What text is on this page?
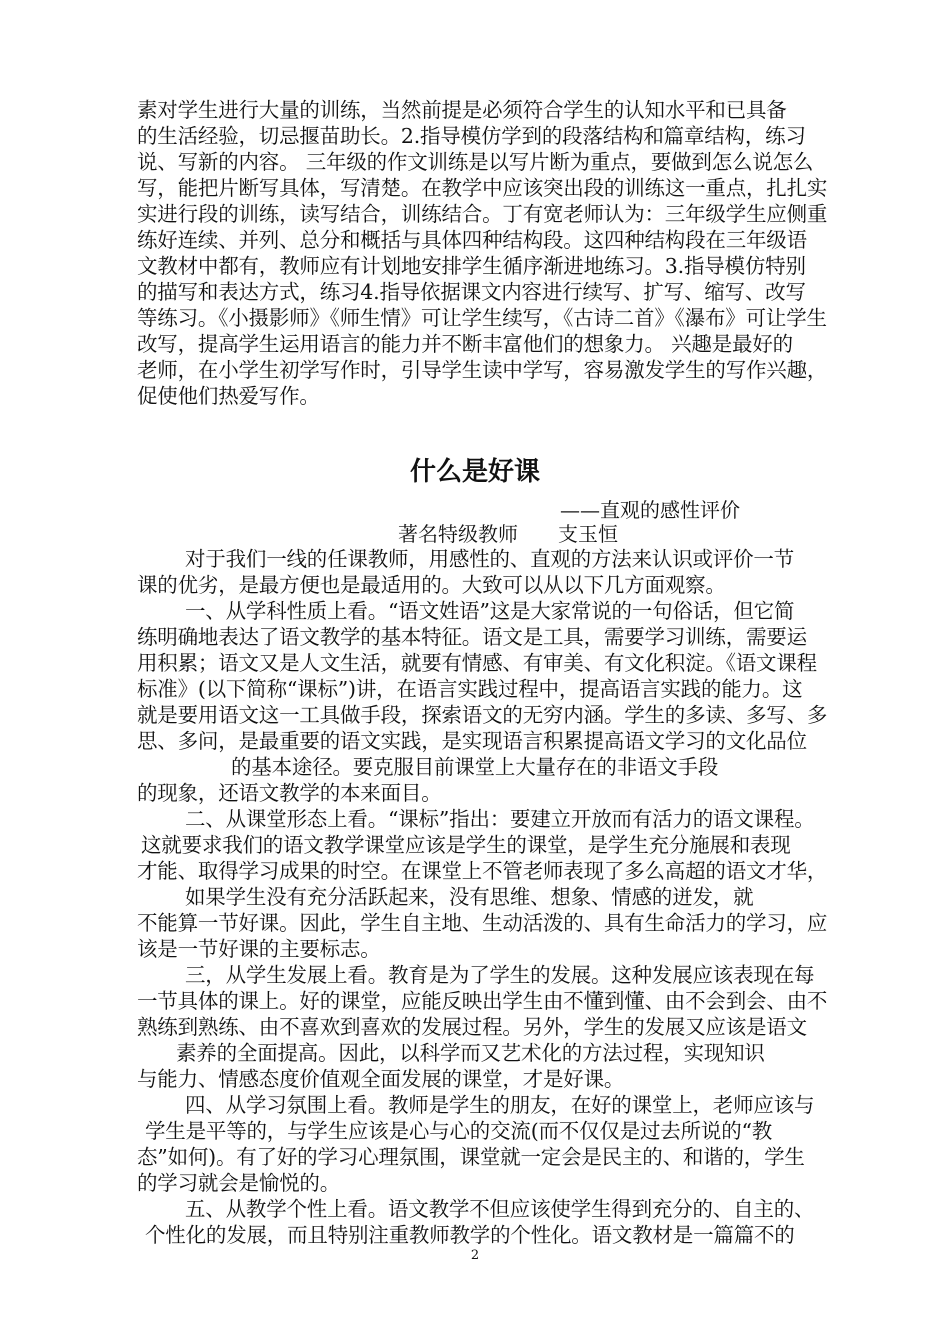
素对学生进行大量的训练，当然前提是必须符合学生的认知水平和已具备
的生活经验，切忌揠苗助长。2.指导模仿学到的段落结构和篇章结构，练习
说、写新的内容。 三年级的作文训练是以写片断为重点，要做到怎么说怎么
写，能把片断写具体，写清楚。在教学中应该突出段的训练这一重点，扎扎实
实进行段的训练，读写结合，训练结合。丁有宽老师认为：三年级学生应侧重
练好连续、并列、总分和概括与具体四种结构段。这四种结构段在三年级语
文教材中都有，教师应有计划地安排学生循序渐进地练习。3.指导模仿特别
的描写和表达方式，练习4.指导依据课文内容进行续写、扩写、缩写、改写
等练习。《小摄影师》《师生情》可让学生续写，《古诗二首》《瀑布》可让学生
改写，提高学生运用语言的能力并不断丰富他们的想象力。 兴趣是最好的
老师，在小学生初学写作时，引导学生读中学写，容易激发学生的写作兴趣，
促使他们热爱写作。
什么是好课
——直观的感性评价
著名特级教师　　支玉恒
对于我们一线的任课教师，用感性的、直观的方法来认识或评价一节
课的优劣，是最方便也是最适用的。大致可以从以下几方面观察。
一、从学科性质上看。“语文姓语”这是大家常说的一句俗话，但它简
练明确地表达了语文教学的基本特征。语文是工具，需要学习训练，需要运
用积累；语文又是人文生活，就要有情感、有审美、有文化积淀。《语文课程
标准》(以下简称“课标”)讲，在语言实践过程中，提高语言实践的能力。这
就是要用语文这一工具做手段，探索语文的无穷内涵。学生的多读、多写、多
思、多问，是最重要的语文实践，是实现语言积累提高语文学习的文化品位
的基本途径。要克服目前课堂上大量存在的非语文手段
的现象，还语文教学的本来面目。
二、从课堂形态上看。“课标”指出：要建立开放而有活力的语文课程。
这就要求我们的语文教学课堂应该是学生的课堂，是学生充分施展和表现
才能、取得学习成果的时空。在课堂上不管老师表现了多么高超的语文才华，
如果学生没有充分活跃起来，没有思维、想象、情感的迸发，就
不能算一节好课。因此，学生自主地、生动活泼的、具有生命活力的学习，应
该是一节好课的主要标志。
三，从学生发展上看。教育是为了学生的发展。这种发展应该表现在每
一节具体的课上。好的课堂，应能反映出学生由不懂到懂、由不会到会、由不
熟练到熟练、由不喜欢到喜欢的发展过程。另外，学生的发展又应该是语文
素养的全面提高。因此，以科学而又艺术化的方法过程，实现知识
与能力、情感态度价值观全面发展的课堂，才是好课。
四、从学习氛围上看。教师是学生的朋友，在好的课堂上，老师应该与
学生是平等的，与学生应该是心与心的交流(而不仅仅是过去所说的“教
态”如何)。有了好的学习心理氛围，课堂就一定会是民主的、和谐的，学生
的学习就会是愉悦的。
五、从教学个性上看。语文教学不但应该使学生得到充分的、自主的、
个性化的发展，而且特别注重教师教学的个性化。语文教材是一篇篇不的
2
